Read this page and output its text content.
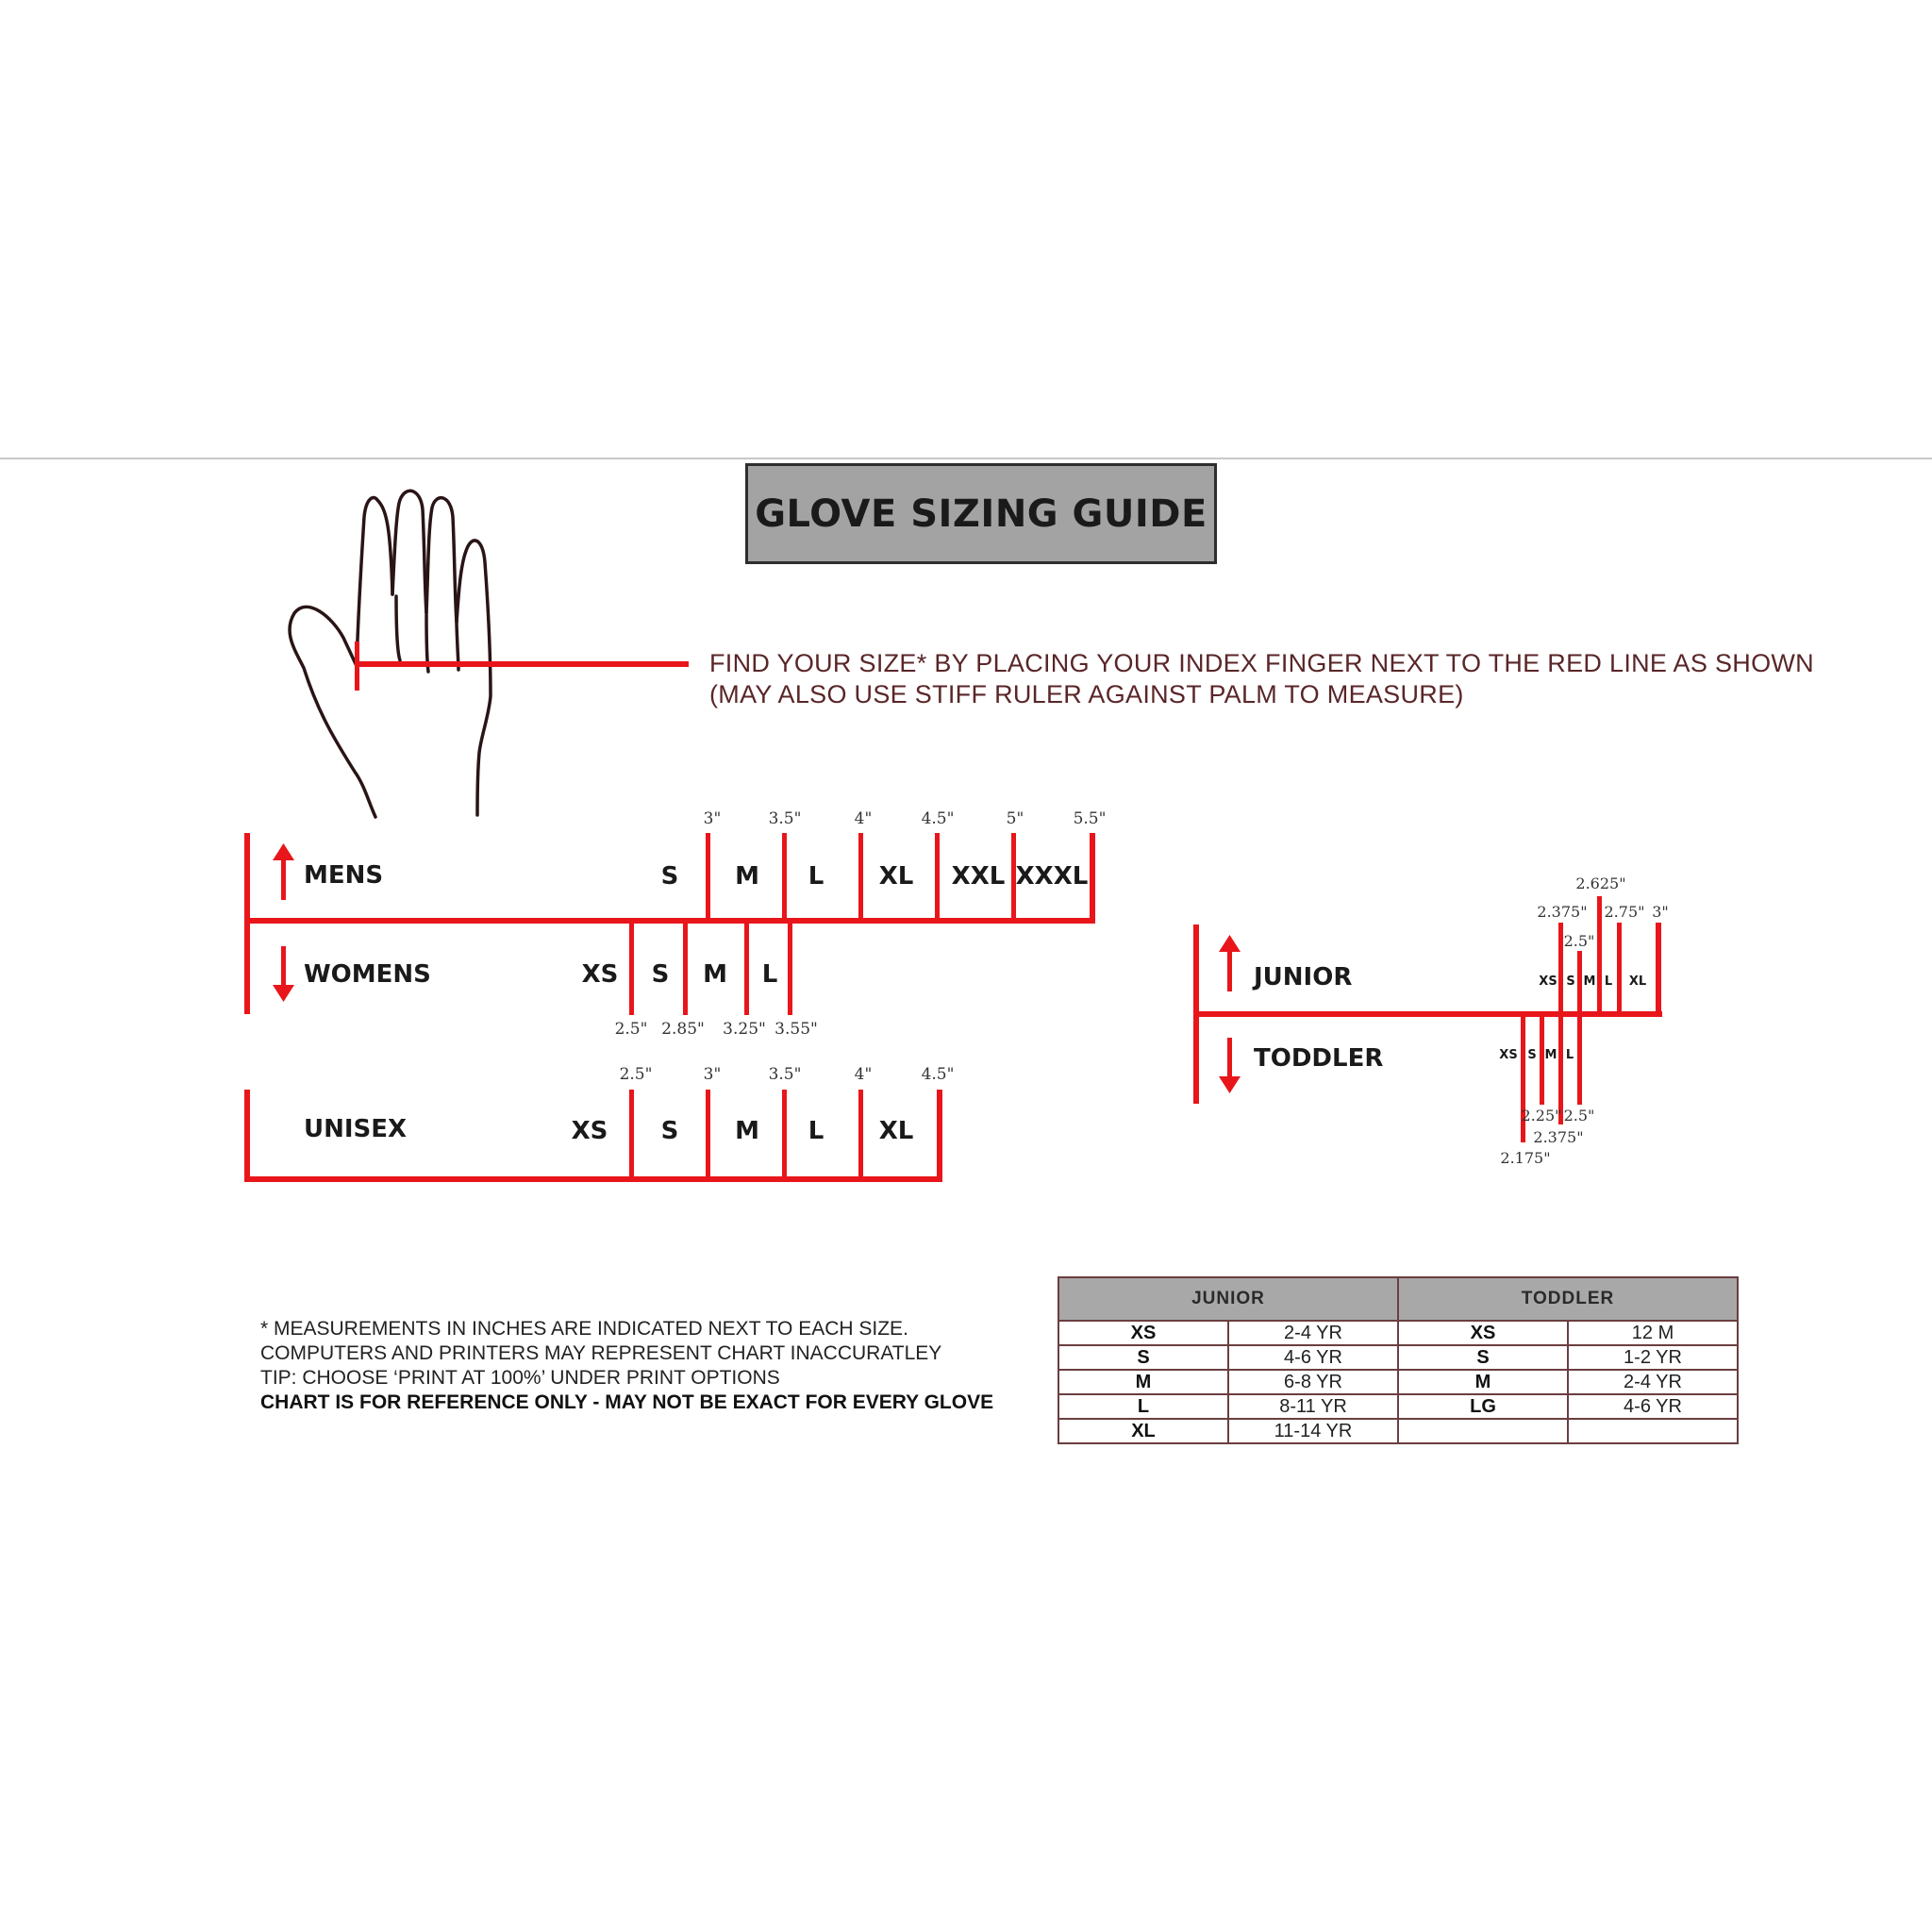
GLOVE SIZING GUIDE
FIND YOUR SIZE* BY PLACING YOUR INDEX FINGER NEXT TO THE RED LINE AS SHOWN
(MAY ALSO USE STIFF RULER AGAINST PALM TO MEASURE)
MENS
WOMENS
S M L XL XXL XXXL
XS S M L
3"	3.5"	4"	4.5"	5"	5.5"
2.5" 2.85" 3.25" 3.55"
UNISEX	XS S M L XL
2.5"	3"	3.5"	4"	4.5"
JUNIOR
TODDLER
XS S M L XL
XS S M L
2.375"
2.5"
2.625"
2.75" 3"
2.175"
2.25"
2.375"
2.5"
* MEASUREMENTS IN INCHES ARE INDICATED NEXT TO EACH SIZE.
COMPUTERS AND PRINTERS MAY REPRESENT CHART INACCURATLEY
TIP: CHOOSE ‘PRINT AT 100%’ UNDER PRINT OPTIONS
CHART IS FOR REFERENCE ONLY - MAY NOT BE EXACT FOR EVERY GLOVE
JUNIOR		TODDLER	
XS	2-4 YR	XS	12 M
S	4-6 YR	S	1-2 YR
M	6-8 YR	M	2-4 YR
L	8-11 YR	LG	4-6 YR
XL	11-14 YR		
